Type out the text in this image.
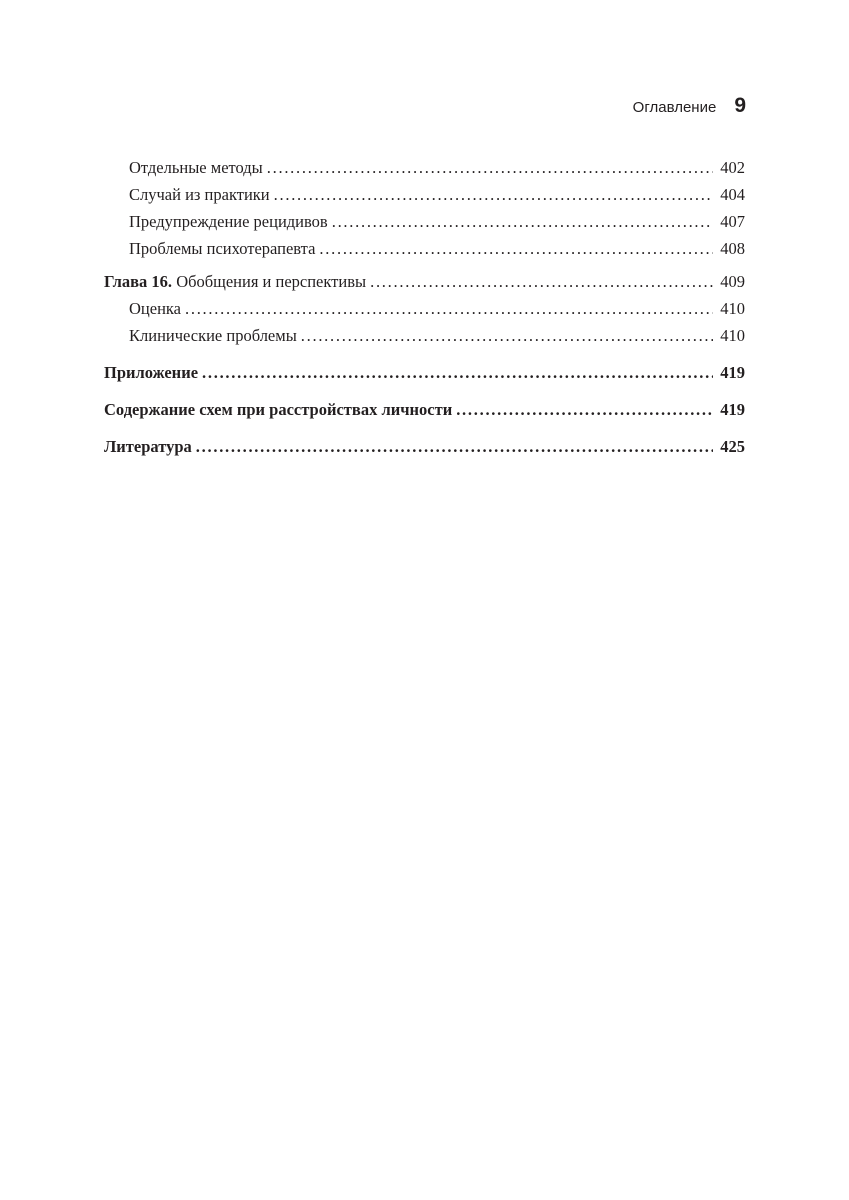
Оглавление 9
Отдельные методы . . .	402
Случай из практики . . .	404
Предупреждение рецидивов . . .	407
Проблемы психотерапевта . . .	408
Глава 16.
Обобщения и перспективы . . .	409
Оценка . . .	410
Клинические проблемы . . .	410
Приложение . . .	419
Содержание схем при расстройствах личности . . .	419
Литература . . .	425
